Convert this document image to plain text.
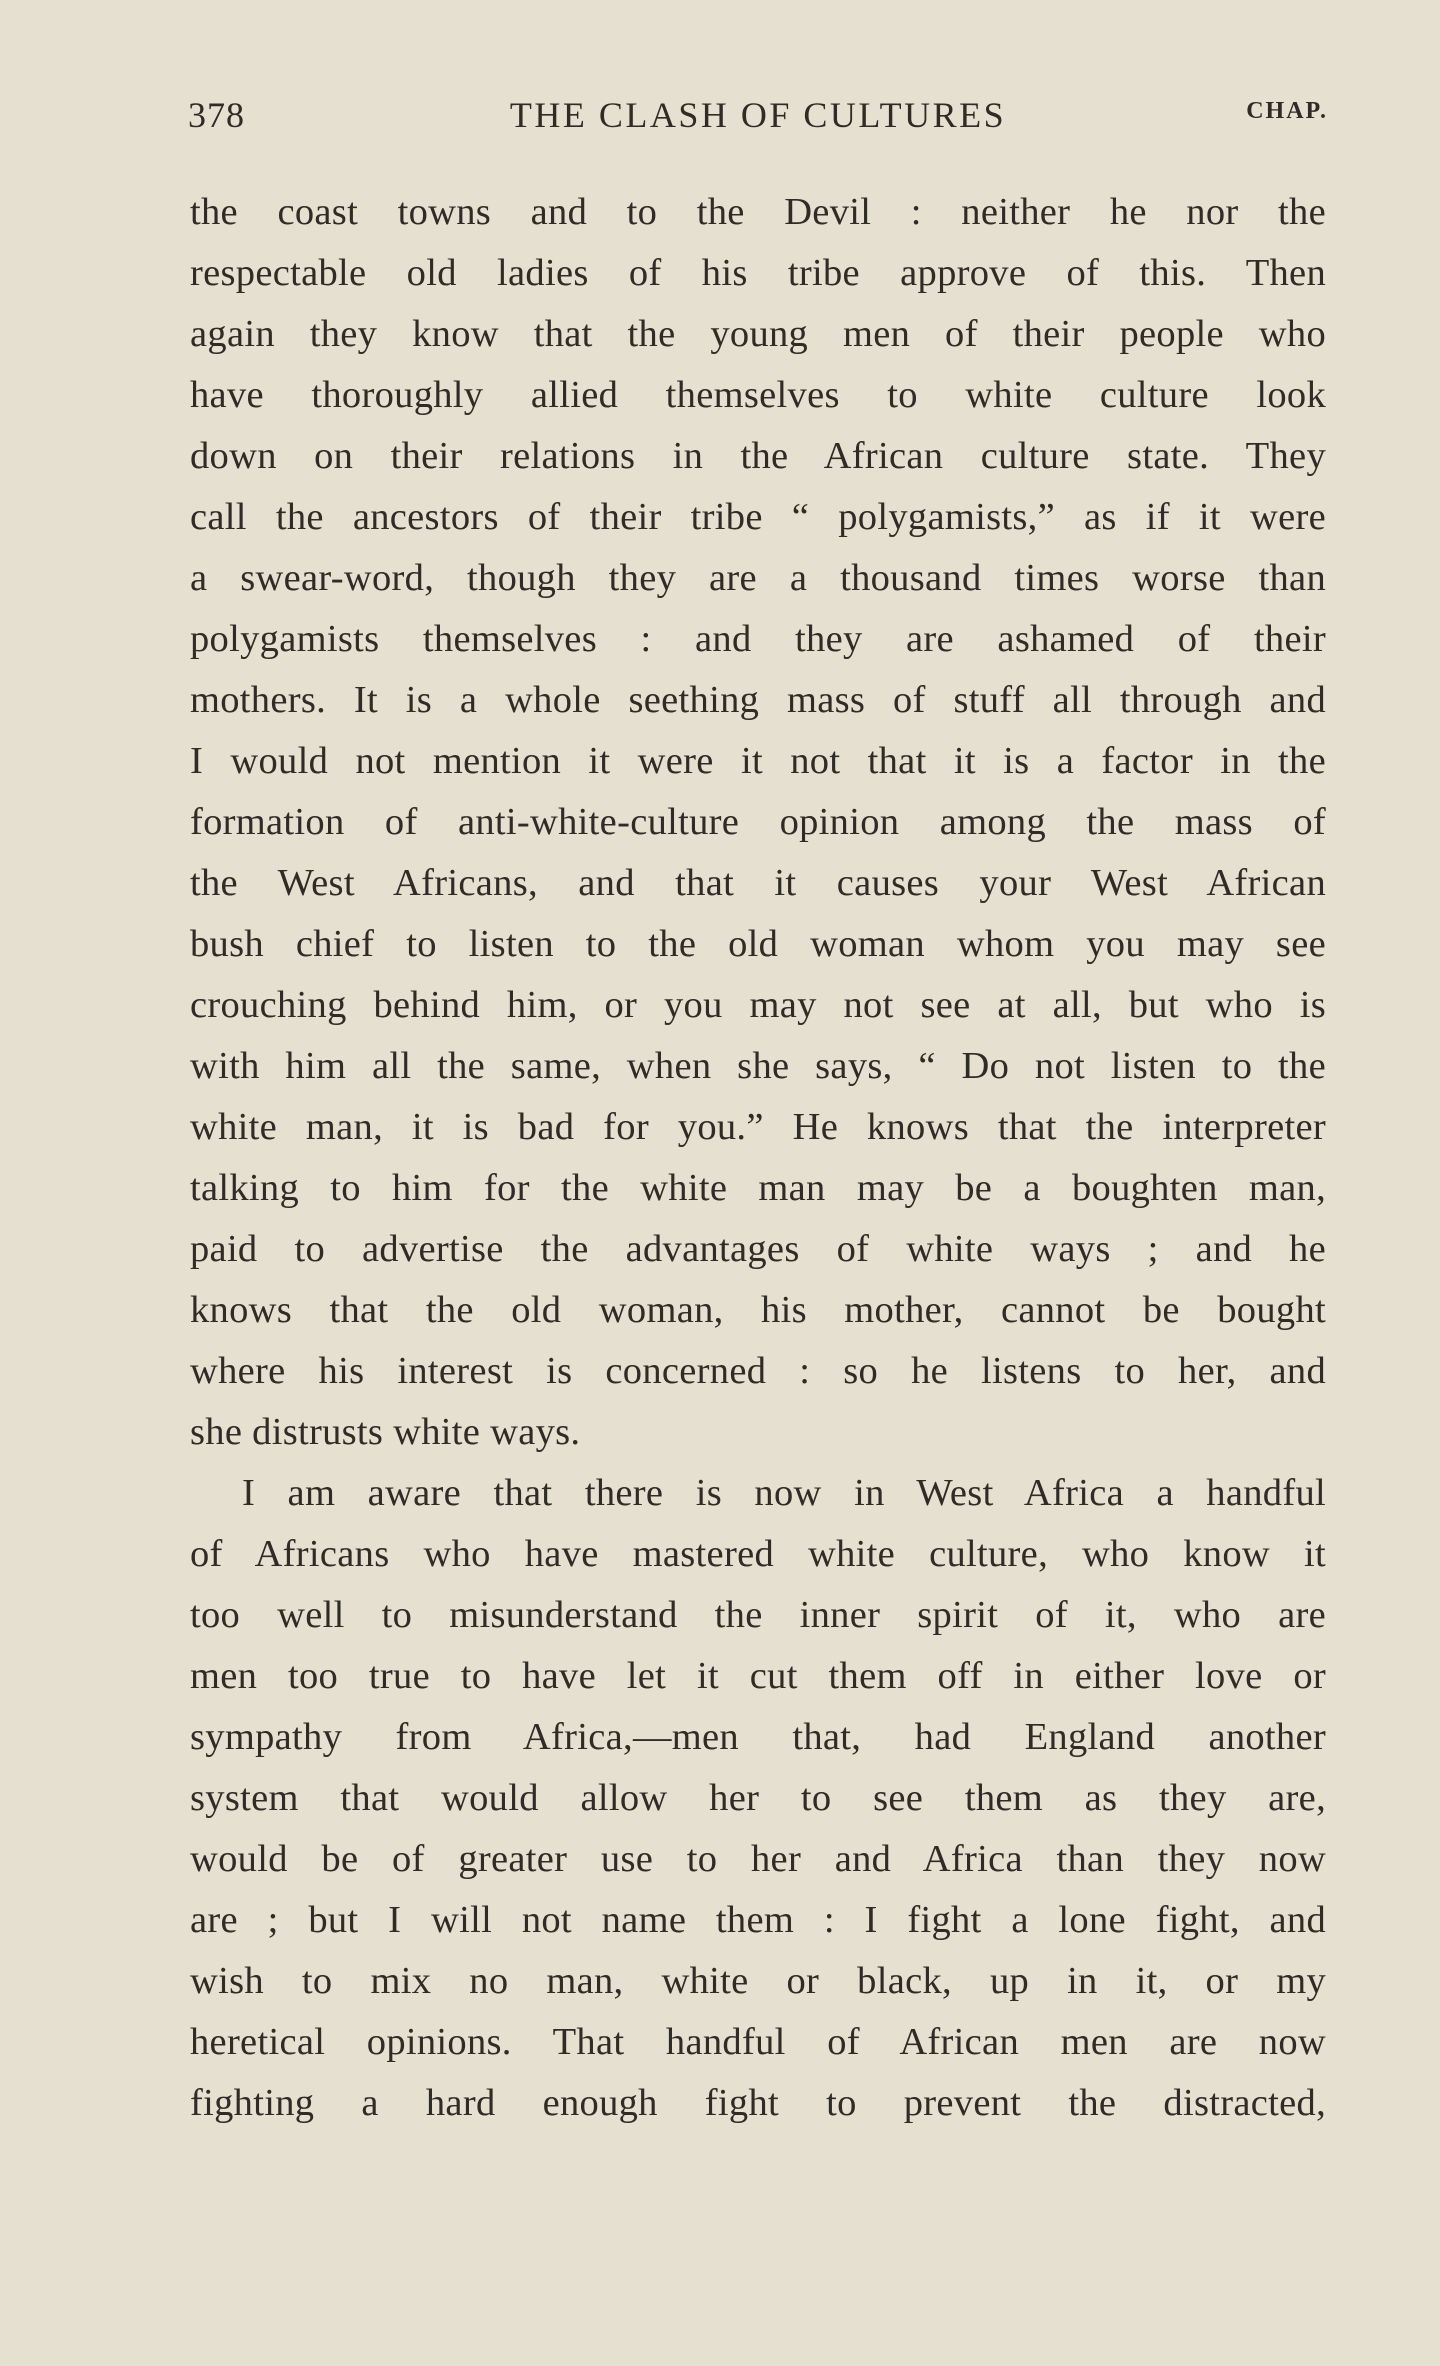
378	THE CLASH OF CULTURES	CHAP.
the coast towns and to the Devil : neither he nor the
respectable old ladies of his tribe approve of this. Then
again they know that the young men of their people who
have thoroughly allied themselves to white culture look
down on their relations in the African culture state. They
call the ancestors of their tribe “ polygamists,” as if it were
a swear-word, though they are a thousand times worse than
polygamists themselves : and they are ashamed of their
mothers. It is a whole seething mass of stuff all through and
I would not mention it were it not that it is a factor in the
formation of anti-white-culture opinion among the mass of
the West Africans, and that it causes your West African
bush chief to listen to the old woman whom you may see
crouching behind him, or you may not see at all, but who is
with him all the same, when she says, “ Do not listen to the
white man, it is bad for you.” He knows that the interpreter
talking to him for the white man may be a boughten man,
paid to advertise the advantages of white ways ; and he
knows that the old woman, his mother, cannot be bought
where his interest is concerned : so he listens to her, and
she distrusts white ways.
I am aware that there is now in West Africa a handful
of Africans who have mastered white culture, who know it
too well to misunderstand the inner spirit of it, who are
men too true to have let it cut them off in either love or
sympathy from Africa,—men that, had England another
system that would allow her to see them as they are,
would be of greater use to her and Africa than they now
are ; but I will not name them : I fight a lone fight, and
wish to mix no man, white or black, up in it, or my
heretical opinions. That handful of African men are now
fighting a hard enough fight to prevent the distracted,
